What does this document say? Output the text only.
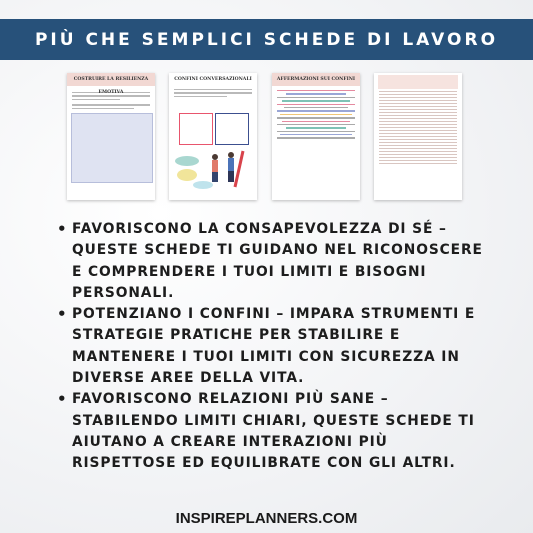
PIÙ CHE SEMPLICI SCHEDE DI LAVORO
COSTRUIRE LA RESILIENZA EMOTIVA
CONFINI CONVERSAZIONALI	AFFERMAZIONI SUI CONFINI
• FAVORISCONO LA CONSAPEVOLEZZA DI SÉ – QUESTE SCHEDE TI GUIDANO NEL RICONOSCERE E COMPRENDERE I TUOI LIMITI E BISOGNI PERSONALI.
• POTENZIANO I CONFINI – IMPARA STRUMENTI E STRATEGIE PRATICHE PER STABILIRE E MANTENERE I TUOI LIMITI CON SICUREZZA IN DIVERSE AREE DELLA VITA.
• FAVORISCONO RELAZIONI PIÙ SANE – STABILENDO LIMITI CHIARI, QUESTE SCHEDE TI AIUTANO A CREARE INTERAZIONI PIÙ RISPETTOSE ED EQUILIBRATE CON GLI ALTRI.
INSPIREPLANNERS.COM
